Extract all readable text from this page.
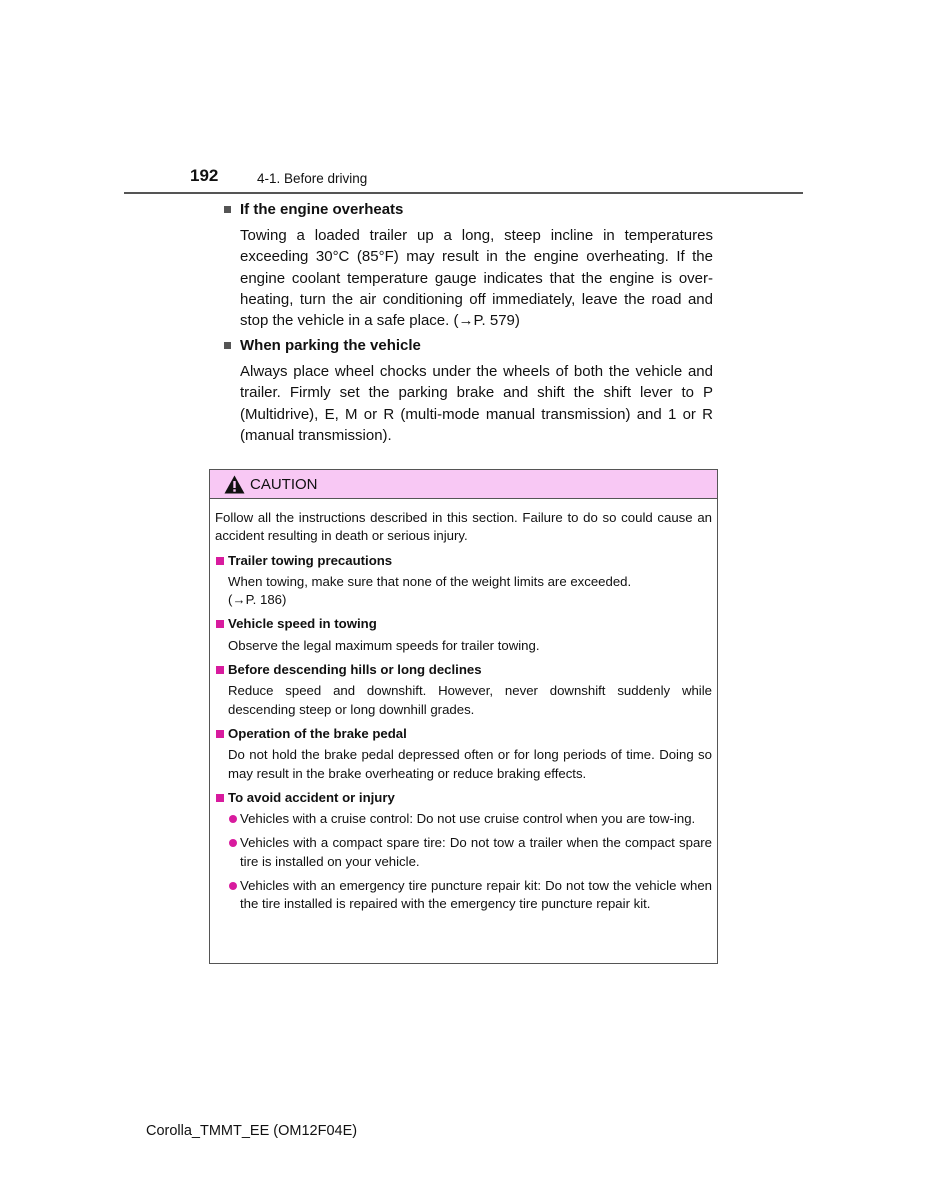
192	4-1. Before driving
If the engine overheats
Towing a loaded trailer up a long, steep incline in temperatures exceeding 30°C (85°F) may result in the engine overheating. If the engine coolant temperature gauge indicates that the engine is over-heating, turn the air conditioning off immediately, leave the road and stop the vehicle in a safe place. (→P. 579)
When parking the vehicle
Always place wheel chocks under the wheels of both the vehicle and trailer. Firmly set the parking brake and shift the shift lever to P (Multidrive), E, M or R (multi-mode manual transmission) and 1 or R (manual transmission).
CAUTION
Follow all the instructions described in this section. Failure to do so could cause an accident resulting in death or serious injury.
Trailer towing precautions
When towing, make sure that none of the weight limits are exceeded.
(→P. 186)
Vehicle speed in towing
Observe the legal maximum speeds for trailer towing.
Before descending hills or long declines
Reduce speed and downshift. However, never downshift suddenly while descending steep or long downhill grades.
Operation of the brake pedal
Do not hold the brake pedal depressed often or for long periods of time. Doing so may result in the brake overheating or reduce braking effects.
To avoid accident or injury
Vehicles with a cruise control: Do not use cruise control when you are tow-ing.
Vehicles with a compact spare tire: Do not tow a trailer when the compact spare tire is installed on your vehicle.
Vehicles with an emergency tire puncture repair kit: Do not tow the vehicle when the tire installed is repaired with the emergency tire puncture repair kit.
Corolla_TMMT_EE (OM12F04E)
